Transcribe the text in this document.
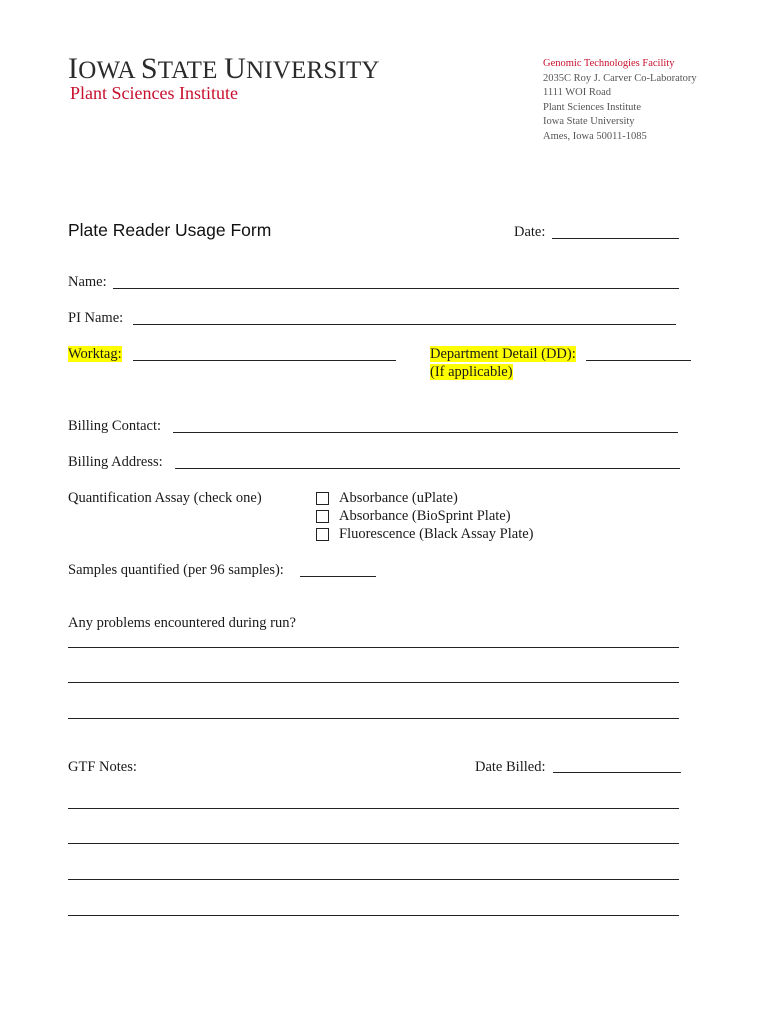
IOWA STATE UNIVERSITY
Plant Sciences Institute
Genomic Technologies Facility
2035C Roy J. Carver Co-Laboratory
1111 WOI Road
Plant Sciences Institute
Iowa State University
Ames, Iowa 50011-1085
Plate Reader Usage Form	Date:
Name:
PI Name:
Worktag:	Department Detail (DD):
(If applicable)
Billing Contact:
Billing Address:
Quantification Assay (check one)	Absorbance (uPlate)
Absorbance (BioSprint Plate)
Fluorescence (Black Assay Plate)
Samples quantified (per 96 samples):
Any problems encountered during run?
GTF Notes:	Date Billed:
